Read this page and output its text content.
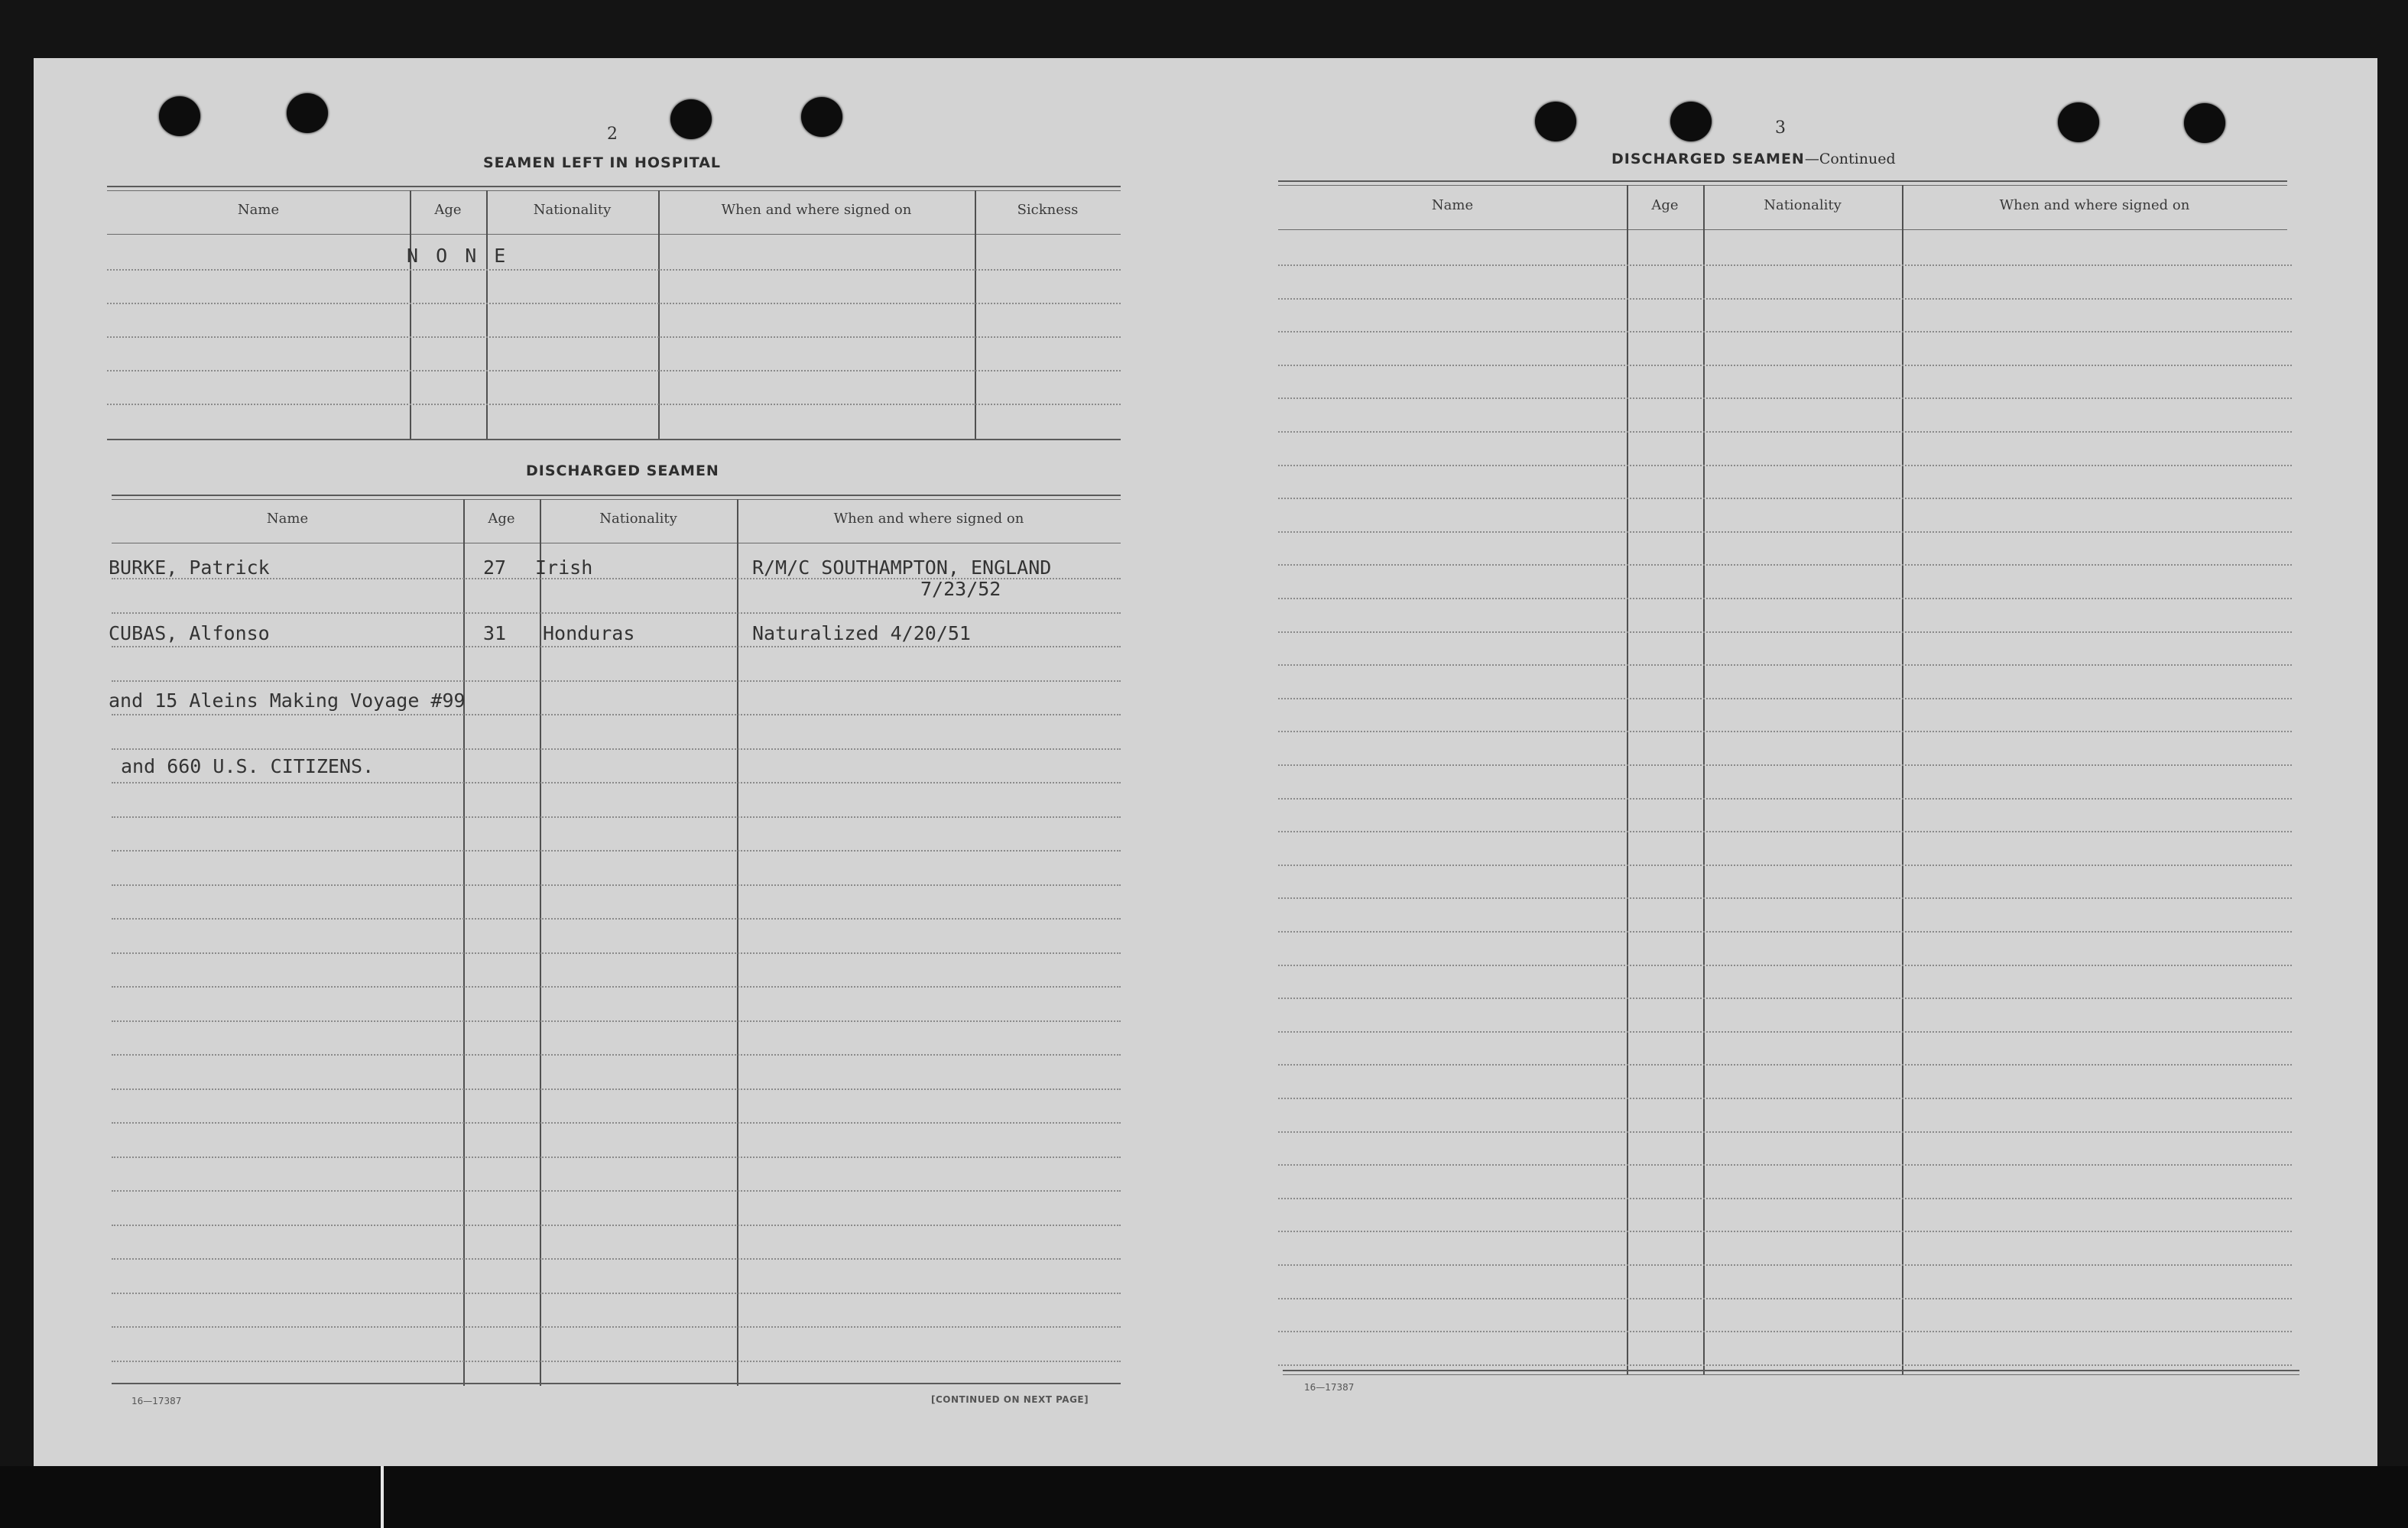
2
SEAMEN LEFT IN HOSPITAL
Name	Age	Nationality	When and where signed on	Sickness
N O N E
DISCHARGED SEAMEN
Name	Age	Nationality	When and where signed on
BURKE, Patrick	27 Irish	R/M/C SOUTHAMPTON, ENGLAND
7/23/52
CUBAS, Alfonso	31 Honduras	Naturalized 4/20/51
and 15 Aleins Making Voyage #99
and 660 U.S. CITIZENS.
16—17387	[CONTINUED ON NEXT PAGE]
3
DISCHARGED SEAMEN—Continued
Name	Age	Nationality	When and where signed on
16—17387
